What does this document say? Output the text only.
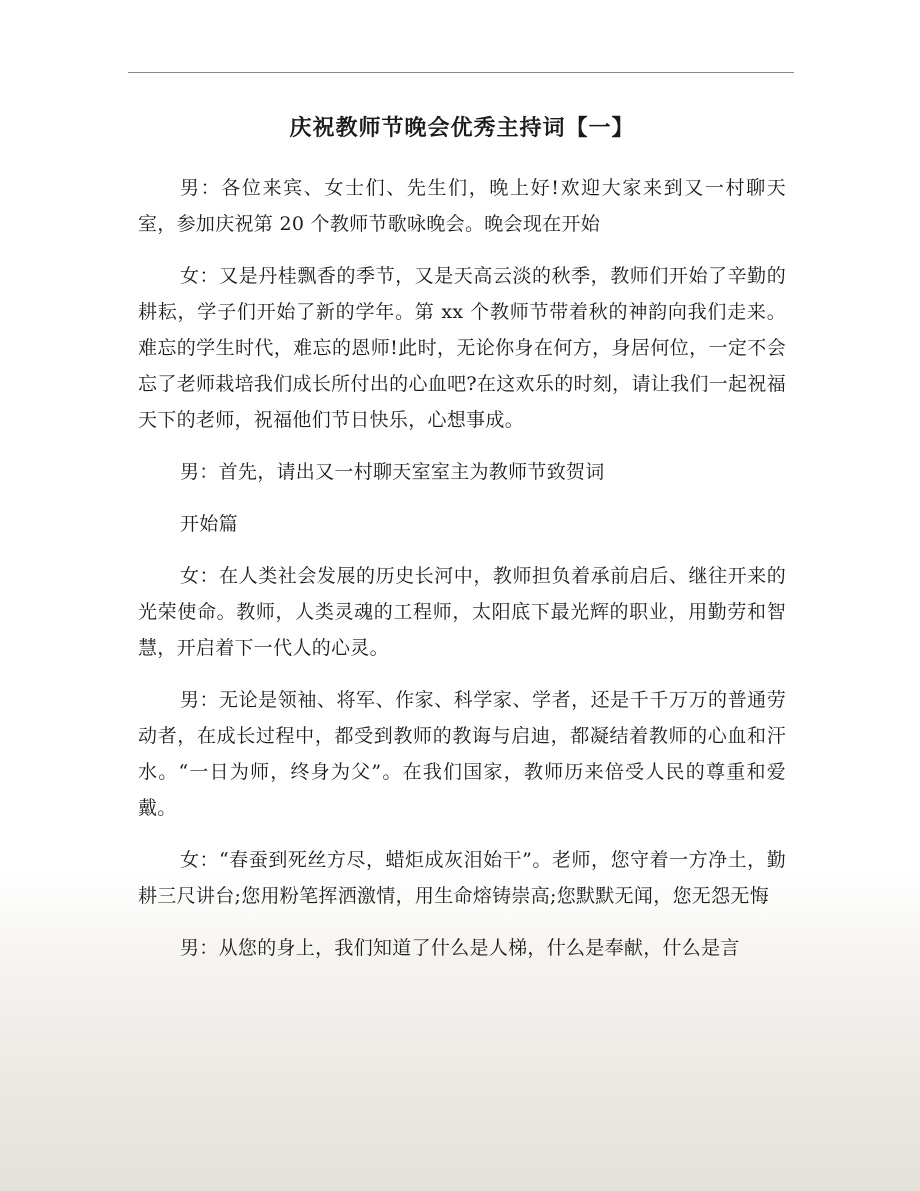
庆祝教师节晚会优秀主持词【一】

男：各位来宾、女士们、先生们，晚上好!欢迎大家来到又一村聊天室，参加庆祝第 20 个教师节歌咏晚会。晚会现在开始

女：又是丹桂飘香的季节，又是天高云淡的秋季，教师们开始了辛勤的耕耘，学子们开始了新的学年。第 xx 个教师节带着秋的神韵向我们走来。难忘的学生时代，难忘的恩师!此时，无论你身在何方，身居何位，一定不会忘了老师栽培我们成长所付出的心血吧?在这欢乐的时刻，请让我们一起祝福天下的老师，祝福他们节日快乐，心想事成。

男：首先，请出又一村聊天室室主为教师节致贺词

开始篇

女：在人类社会发展的历史长河中，教师担负着承前启后、继往开来的光荣使命。教师，人类灵魂的工程师，太阳底下最光辉的职业，用勤劳和智慧，开启着下一代人的心灵。

男：无论是领袖、将军、作家、科学家、学者，还是千千万万的普通劳动者，在成长过程中，都受到教师的教诲与启迪，都凝结着教师的心血和汗水。“一日为师，终身为父”。在我们国家，教师历来倍受人民的尊重和爱戴。

女：“春蚕到死丝方尽，蜡炬成灰泪始干”。老师，您守着一方净土，勤耕三尺讲台;您用粉笔挥洒激情，用生命熔铸崇高;您默默无闻，您无怨无悔

男：从您的身上，我们知道了什么是人梯，什么是奉献，什么是言
